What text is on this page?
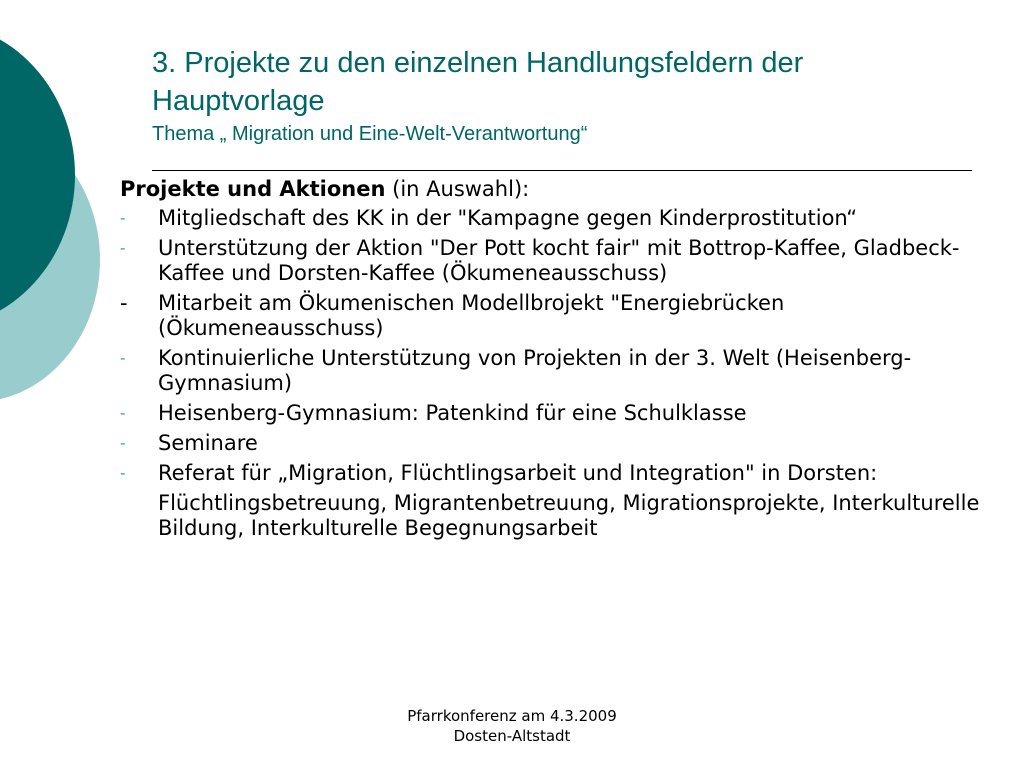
3. Projekte zu den einzelnen Handlungsfeldern der Hauptvorlage

Thema „ Migration und Eine-Welt-Verantwortung“

Projekte und Aktionen (in Auswahl):
-	Mitgliedschaft des KK in der "Kampagne gegen Kinderprostitution“
-	Unterstützung der Aktion "Der Pott kocht fair" mit Bottrop-Kaffee, Gladbeck-Kaffee und Dorsten-Kaffee (Ökumeneausschuss)
-	Mitarbeit am Ökumenischen Modellbrojekt "Energiebrücken (Ökumeneausschuss)
-	Kontinuierliche Unterstützung von Projekten in der 3. Welt (Heisenberg-Gymnasium)
-	Heisenberg-Gymnasium: Patenkind für eine Schulklasse
-	Seminare
-	Referat für „Migration, Flüchtlingsarbeit und Integration" in Dorsten:
Flüchtlingsbetreuung, Migrantenbetreuung, Migrationsprojekte, Interkulturelle Bildung, Interkulturelle Begegnungsarbeit
Pfarrkonferenz am 4.3.2009
Dosten-Altstadt
